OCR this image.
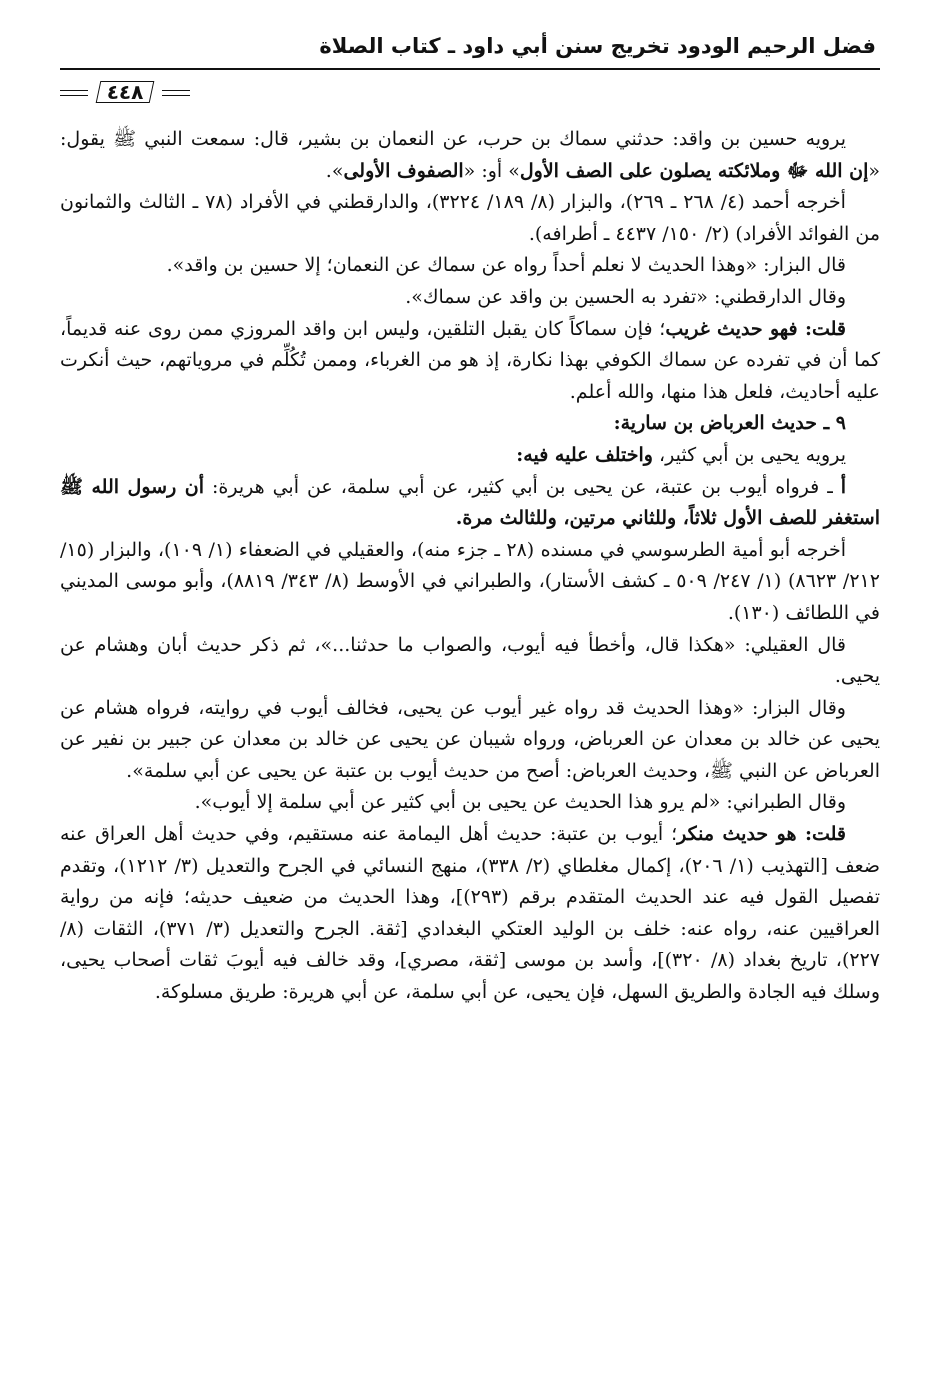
فضل الرحيم الودود تخريج سنن أبي داود ـ كتاب الصلاة
٤٤٨

يرويه حسين بن واقد: حدثني سماك بن حرب، عن النعمان بن بشير، قال: سمعت النبي ﷺ يقول: «إن الله ﷻ وملائكته يصلون على الصف الأول» أو: «الصفوف الأولى».

أخرجه أحمد (٤/ ٢٦٨ ـ ٢٦٩)، والبزار (٨/ ١٨٩/ ٣٢٢٤)، والدارقطني في الأفراد (٧٨ ـ الثالث والثمانون من الفوائد الأفراد) (٢/ ١٥٠/ ٤٤٣٧ ـ أطرافه).

قال البزار: «وهذا الحديث لا نعلم أحداً رواه عن سماك عن النعمان؛ إلا حسين بن واقد».

وقال الدارقطني: «تفرد به الحسين بن واقد عن سماك».

قلت: فهو حديث غريب؛ فإن سماكاً كان يقبل التلقين، وليس ابن واقد المروزي ممن روى عنه قديماً، كما أن في تفرده عن سماك الكوفي بهذا نكارة، إذ هو من الغرباء، وممن تُكُلِّم في مروياتهم، حيث أنكرت عليه أحاديث، فلعل هذا منها، والله أعلم.

٩ ـ حديث العرباض بن سارية:

يرويه يحيى بن أبي كثير، واختلف عليه فيه:

أ ـ فرواه أيوب بن عتبة، عن يحيى بن أبي كثير، عن أبي سلمة، عن أبي هريرة: أن رسول الله ﷺ استغفر للصف الأول ثلاثاً، وللثاني مرتين، وللثالث مرة.

أخرجه أبو أمية الطرسوسي في مسنده (٢٨ ـ جزء منه)، والعقيلي في الضعفاء (١/ ١٠٩)، والبزار (١٥/ ٢١٢/ ٨٦٢٣) (١/ ٢٤٧/ ٥٠٩ ـ كشف الأستار)، والطبراني في الأوسط (٨/ ٣٤٣/ ٨٨١٩)، وأبو موسى المديني في اللطائف (١٣٠).

قال العقيلي: «هكذا قال، وأخطأ فيه أيوب، والصواب ما حدثنا...»، ثم ذكر حديث أبان وهشام عن يحيى.

وقال البزار: «وهذا الحديث قد رواه غير أيوب عن يحيى، فخالف أيوب في روايته، فرواه هشام عن يحيى عن خالد بن معدان عن العرباض، ورواه شيبان عن يحيى عن خالد بن معدان عن جبير بن نفير عن العرباض عن النبي ﷺ، وحديث العرباض: أصح من حديث أيوب بن عتبة عن يحيى عن أبي سلمة».

وقال الطبراني: «لم يرو هذا الحديث عن يحيى بن أبي كثير عن أبي سلمة إلا أيوب».

قلت: هو حديث منكر؛ أيوب بن عتبة: حديث أهل اليمامة عنه مستقيم، وفي حديث أهل العراق عنه ضعف [التهذيب (١/ ٢٠٦)، إكمال مغلطاي (٢/ ٣٣٨)، منهج النسائي في الجرح والتعديل (٣/ ١٢١٢)، وتقدم تفصيل القول فيه عند الحديث المتقدم برقم (٢٩٣)]، وهذا الحديث من ضعيف حديثه؛ فإنه من رواية العراقيين عنه، رواه عنه: خلف بن الوليد العتكي البغدادي [ثقة. الجرح والتعديل (٣/ ٣٧١)، الثقات (٨/ ٢٢٧)، تاريخ بغداد (٨/ ٣٢٠)]، وأسد بن موسى [ثقة، مصري]، وقد خالف فيه أيوبَ ثقات أصحاب يحيى، وسلك فيه الجادة والطريق السهل، فإن يحيى، عن أبي سلمة، عن أبي هريرة: طريق مسلوكة.
